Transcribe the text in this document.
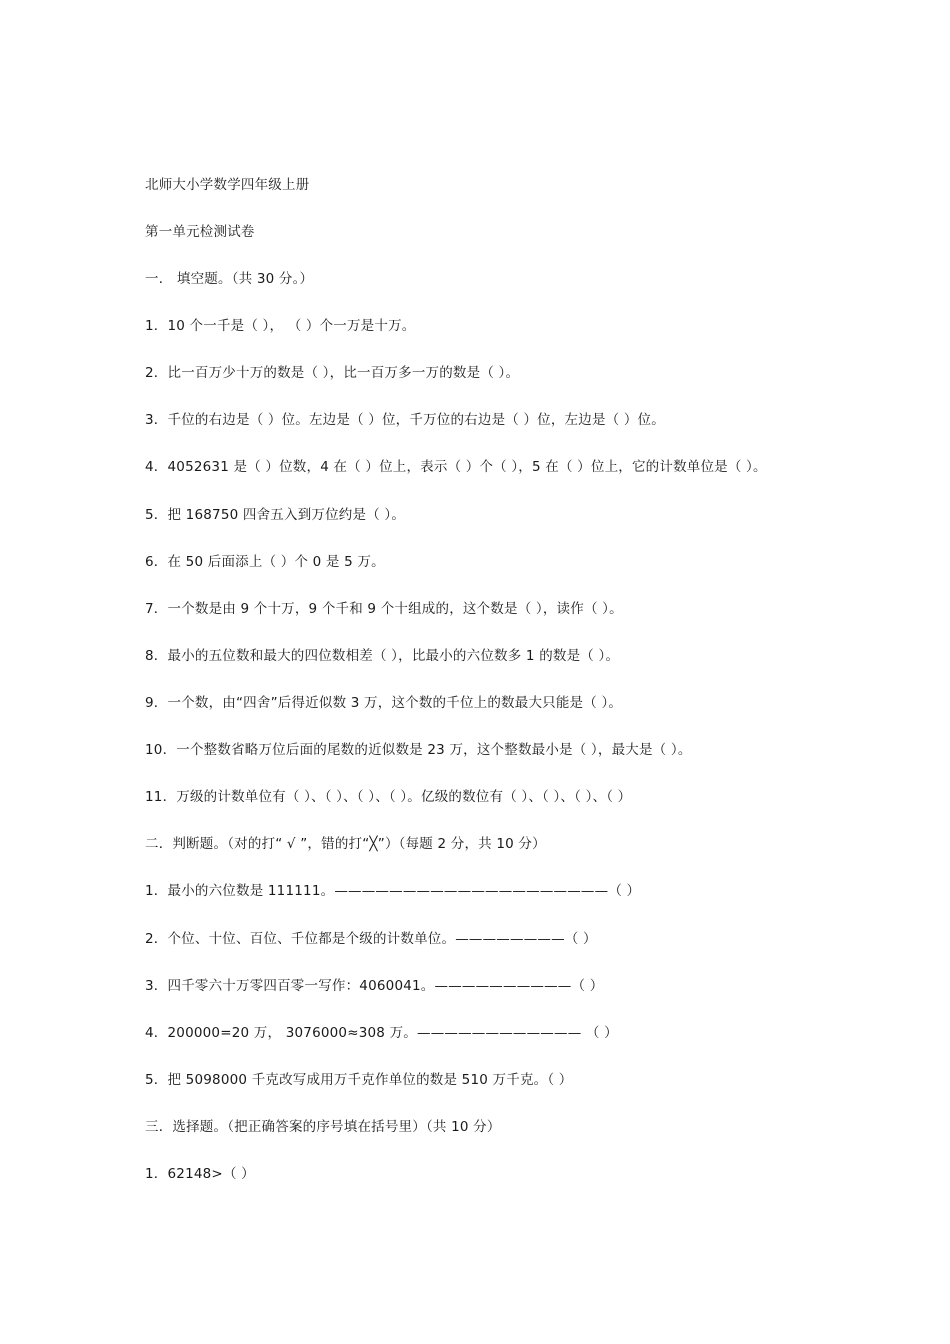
北师大小学数学四年级上册
第一单元检测试卷
一． 填空题。（共 30 分。）
1．10 个一千是（ ）， （ ）个一万是十万。
2．比一百万少十万的数是（ ），比一百万多一万的数是（ ）。
3．千位的右边是（ ）位。左边是（ ）位，千万位的右边是（ ）位，左边是（ ）位。
4．4052631 是（ ）位数，4 在（ ）位上，表示（ ）个（ ），5 在（ ）位上，它的计数单位是（ ）。
5．把 168750 四舍五入到万位约是（ ）。
6．在 50 后面添上（ ）个 0 是 5 万。
7．一个数是由 9 个十万，9 个千和 9 个十组成的，这个数是（ ），读作（ ）。
8．最小的五位数和最大的四位数相差（ ），比最小的六位数多 1 的数是（ ）。
9．一个数，由“四舍”后得近似数 3 万，这个数的千位上的数最大只能是（ ）。
10．一个整数省略万位后面的尾数的近似数是 23 万，这个整数最小是（ ），最大是（ ）。
11．万级的计数单位有（ ）、（ ）、（ ）、（ ）。亿级的数位有（ ）、（ ）、（ ）、（ ）
二．判断题。（对的打“ √ ”，错的打“╳”）（每题 2 分，共 10 分）
1．最小的六位数是 111111。————————————————————（ ）
2．个位、十位、百位、千位都是个级的计数单位。————————（ ）
3．四千零六十万零四百零一写作：4060041。——————————（ ）
4．200000=20 万， 3076000≈308 万。———————————— （ ）
5．把 5098000 千克改写成用万千克作单位的数是 510 万千克。（ ）
三．选择题。（把正确答案的序号填在括号里）（共 10 分）
1．62148>（ ）
